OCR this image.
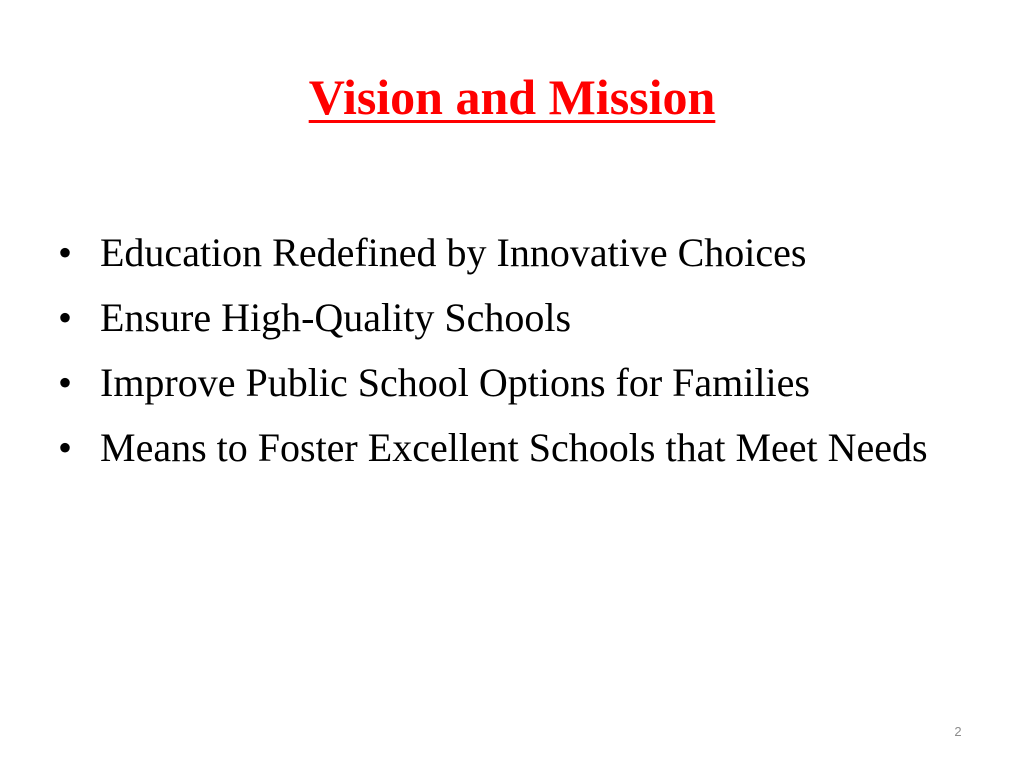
Vision and Mission
• Education Redefined by Innovative Choices
• Ensure High-Quality Schools
• Improve Public School Options for Families
• Means to Foster Excellent Schools that Meet Needs
2
